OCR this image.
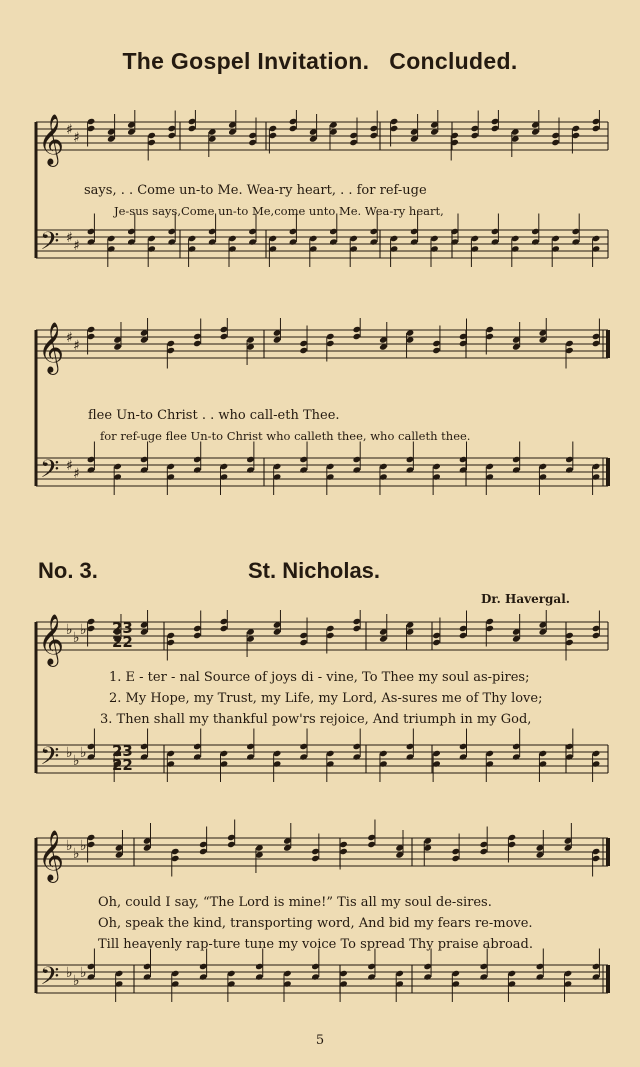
The Gospel Invitation. Concluded.
𝄞
𝄢
♯ ♯
♯ ♯
says, . . Come un-to Me. Wea-ry heart, . . for ref-uge
Je-sus says,Come un-to Me,come unto Me. Wea-ry heart,
𝄞
𝄢
♯ ♯
♯ ♯
flee Un-to Christ . . who call-eth Thee.
for ref-uge flee Un-to Christ who calleth thee, who calleth thee.
No. 3.	St. Nicholas.
Dr. Havergal.
𝄞
𝄢
♭ ♭ ♭
♭ ♭ ♭
23
22
23
22
1. E - ter - nal Source of joys di - vine, To Thee my soul as-pires;
2. My Hope, my Trust, my Life, my Lord, As-sures me of Thy love;
3. Then shall my thankful pow'rs rejoice, And triumph in my God,
𝄞
𝄢
♭ ♭ ♭
♭ ♭ ♭
Oh, could I say, “The Lord is mine!” Tis all my soul de-sires.
Oh, speak the kind, transporting word, And bid my fears re-move.
Till heavenly rap-ture tune my voice To spread Thy praise abroad.
5
